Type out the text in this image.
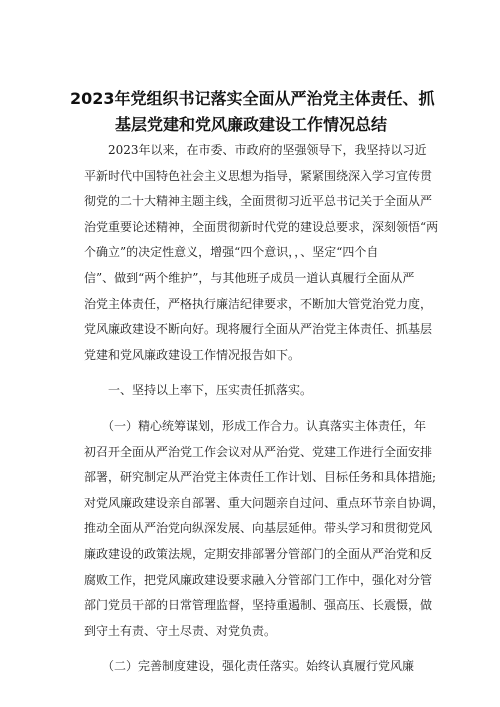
2023年党组织书记落实全面从严治党主体责任、抓
基层党建和党风廉政建设工作情况总结
　　2023年以来，在市委、市政府的坚强领导下，我坚持以习近
平新时代中国特色社会主义思想为指导，紧紧围绕深入学习宣传贯
彻党的二十大精神主题主线，全面贯彻习近平总书记关于全面从严
治党重要论述精神，全面贯彻新时代党的建设总要求，深刻领悟“两
个确立”的决定性意义，增强“四个意识，，、坚定“四个自
信”、做到“两个维护”，与其他班子成员一道认真履行全面从严
治党主体责任，严格执行廉洁纪律要求，不断加大管党治党力度，
党风廉政建设不断向好。现将履行全面从严治党主体责任、抓基层
党建和党风廉政建设工作情况报告如下。
　　一、坚持以上率下，压实责任抓落实。
　　（一）精心统筹谋划，形成工作合力。认真落实主体责任，年
初召开全面从严治党工作会议对从严治党、党建工作进行全面安排
部署，研究制定从严治党主体责任工作计划、目标任务和具体措施;
对党风廉政建设亲自部署、重大问题亲自过问、重点环节亲自协调，
推动全面从严治党向纵深发展、向基层延伸。带头学习和贯彻党风
廉政建设的政策法规，定期安排部署分管部门的全面从严治党和反
腐败工作，把党风廉政建设要求融入分管部门工作中，强化对分管
部门党员干部的日常管理监督，坚持重遏制、强高压、长震慑，做
到守土有责、守土尽责、对党负责。
　　（二）完善制度建设，强化责任落实。始终认真履行党风廉
